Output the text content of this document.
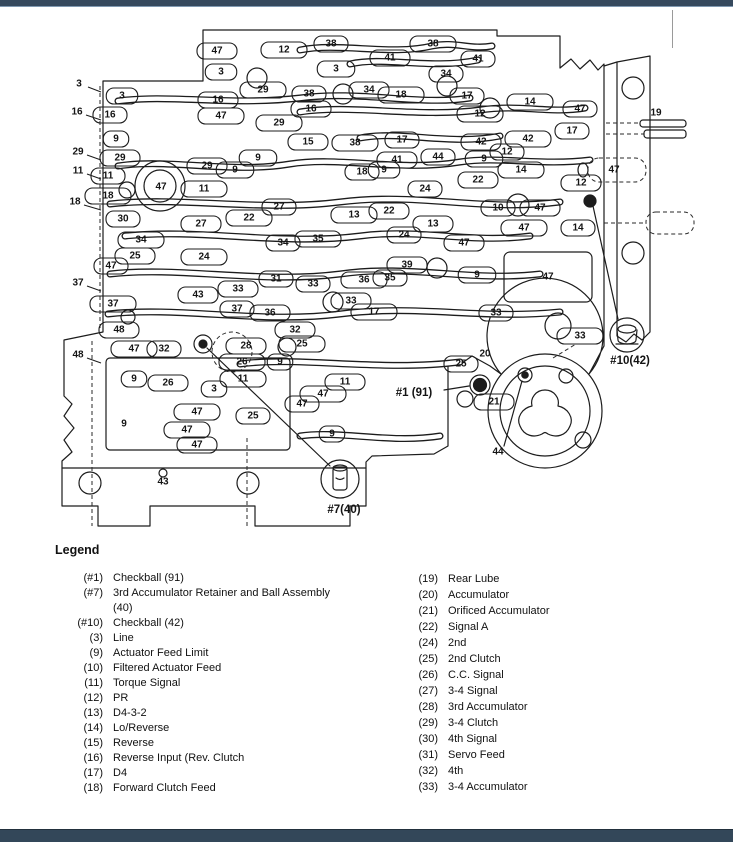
3
16
29
11
18
37
48
47	12
38
41
38
41
3	3	34
3
29	38	34 18	17
16	14
16
16
47
47	19
29
9	15	38	17	42	42
17
29	9	44
41	9
12
29 9
11
47	11
18 9
12
24
22
14	47
12
18
30	27
22
27	22
13
10	47
34	34
13
24
24
47
47	14
25
35
47	39
9
31
33
36 35
43
37	37 36
47
33
33
17	33
48
47 32	28
26	9
32
25
25
20
33
9	26	11
3
11
47
47	21
47	25
9
47	9
47
44
43
#1 (91)
#7(40)
#10(42)

Legend

(#1) Checkball (91)
(#7) 3rd Accumulator Retainer and Ball Assembly (40)
(#10) Checkball (42)
(3) Line
(9) Actuator Feed Limit
(10) Filtered Actuator Feed
(11) Torque Signal
(12) PR
(13) D4-3-2
(14) Lo/Reverse
(15) Reverse
(16) Reverse Input (Rev. Clutch
(17) D4
(18) Forward Clutch Feed
(19) Rear Lube
(20) Accumulator
(21) Orificed Accumulator
(22) Signal A
(24) 2nd
(25) 2nd Clutch
(26) C.C. Signal
(27) 3-4 Signal
(28) 3rd Accumulator
(29) 3-4 Clutch
(30) 4th Signal
(31) Servo Feed
(32) 4th
(33) 3-4 Accumulator
